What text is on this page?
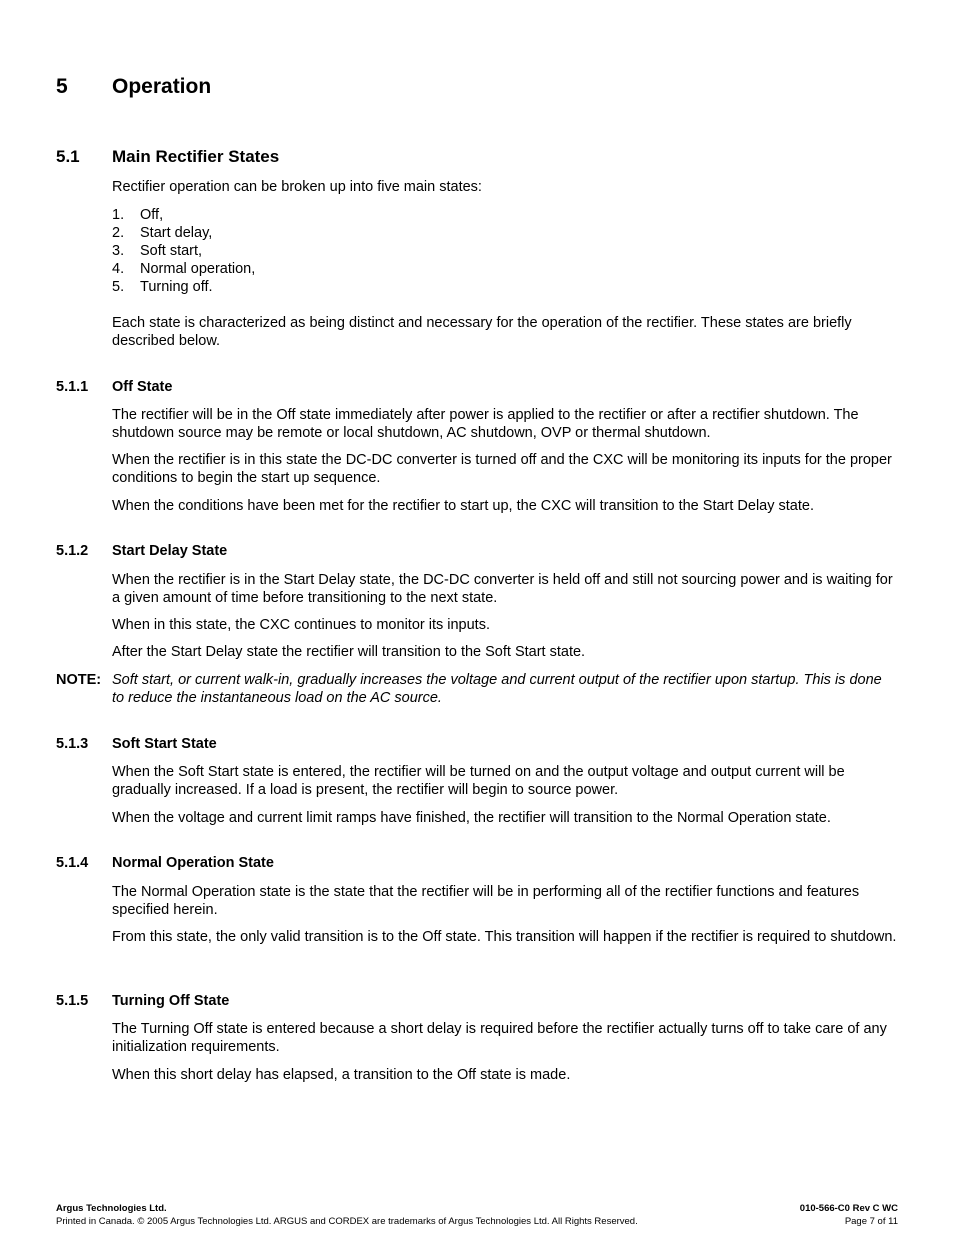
5 Operation
5.1 Main Rectifier States
Rectifier operation can be broken up into five main states:
1. Off,
2. Start delay,
3. Soft start,
4. Normal operation,
5. Turning off.
Each state is characterized as being distinct and necessary for the operation of the rectifier. These states are briefly described below.
5.1.1 Off State
The rectifier will be in the Off state immediately after power is applied to the rectifier or after a rectifier shutdown. The shutdown source may be remote or local shutdown, AC shutdown, OVP or thermal shutdown.
When the rectifier is in this state the DC-DC converter is turned off and the CXC will be monitoring its inputs for the proper conditions to begin the start up sequence.
When the conditions have been met for the rectifier to start up, the CXC will transition to the Start Delay state.
5.1.2 Start Delay State
When the rectifier is in the Start Delay state, the DC-DC converter is held off and still not sourcing power and is waiting for a given amount of time before transitioning to the next state.
When in this state, the CXC continues to monitor its inputs.
After the Start Delay state the rectifier will transition to the Soft Start state.
NOTE: Soft start, or current walk-in, gradually increases the voltage and current output of the rectifier upon startup. This is done to reduce the instantaneous load on the AC source.
5.1.3 Soft Start State
When the Soft Start state is entered, the rectifier will be turned on and the output voltage and output current will be gradually increased. If a load is present, the rectifier will begin to source power.
When the voltage and current limit ramps have finished, the rectifier will transition to the Normal Operation state.
5.1.4 Normal Operation State
The Normal Operation state is the state that the rectifier will be in performing all of the rectifier functions and features specified herein.
From this state, the only valid transition is to the Off state. This transition will happen if the rectifier is required to shutdown.
5.1.5 Turning Off State
The Turning Off state is entered because a short delay is required before the rectifier actually turns off to take care of any initialization requirements.
When this short delay has elapsed, a transition to the Off state is made.
Argus Technologies Ltd.
Printed in Canada. © 2005 Argus Technologies Ltd. ARGUS and CORDEX are trademarks of Argus Technologies Ltd. All Rights Reserved.
010-566-C0 Rev C WC
Page 7 of 11
